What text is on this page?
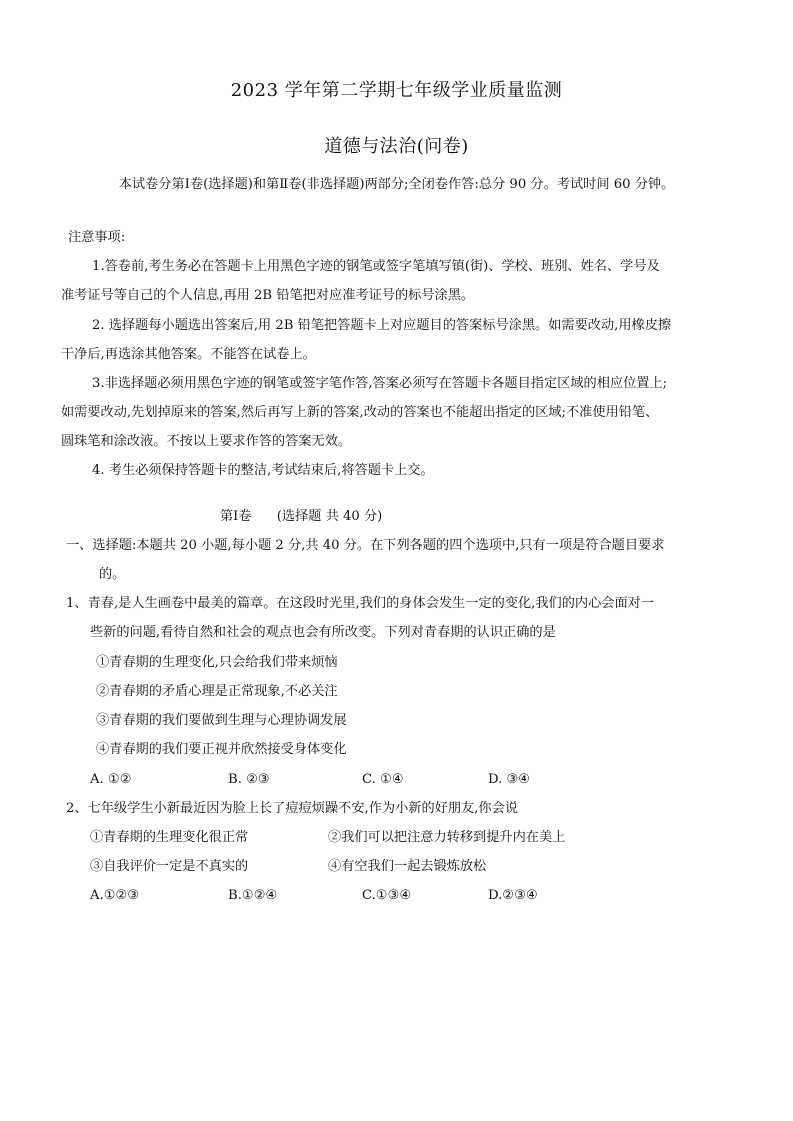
2023 学年第二学期七年级学业质量监测
道德与法治(问卷)
本试卷分第Ⅰ卷(选择题)和第Ⅱ卷(非选择题)两部分;全闭卷作答:总分 90 分。考试时间 60 分钟。
注意事项:
1.答卷前,考生务必在答题卡上用黑色字迹的钢笔或签字笔填写镇(街)、学校、班别、姓名、学号及
准考证号等自己的个人信息,再用 2B 铅笔把对应准考证号的标号涂黑。
2. 选择题每小题选出答案后,用 2B 铅笔把答题卡上对应题目的答案标号涂黑。如需要改动,用橡皮擦
干净后,再选涂其他答案。不能答在试卷上。
3.非选择题必须用黑色字迹的钢笔或签字笔作答,答案必须写在答题卡各题目指定区域的相应位置上;
如需要改动,先划掉原来的答案,然后再写上新的答案,改动的答案也不能超出指定的区域;不准使用铅笔、
圆珠笔和涂改液。不按以上要求作答的答案无效。
4. 考生必须保持答题卡的整洁,考试结束后,将答题卡上交。
第Ⅰ卷      (选择题 共 40 分)
一、选择题:本题共 20 小题,每小题 2 分,共 40 分。在下列各题的四个选项中,只有一项是符合题目要求
的。
1、青春,是人生画卷中最美的篇章。在这段时光里,我们的身体会发生一定的变化,我们的内心会面对一
些新的问题,看待自然和社会的观点也会有所改变。下列对青春期的认识正确的是
①青春期的生理变化,只会给我们带来烦恼
②青春期的矛盾心理是正常现象,不必关注
③青春期的我们要做到生理与心理协调发展
④青春期的我们要正视并欣然接受身体变化
A. ①②	B. ②③	C. ①④	D. ③④
2、七年级学生小新最近因为脸上长了痘痘烦躁不安,作为小新的好朋友,你会说
①青春期的生理变化很正常	②我们可以把注意力转移到提升内在美上
③自我评价一定是不真实的	④有空我们一起去锻炼放松
A.①②③	B.①②④	C.①③④	D.②③④
